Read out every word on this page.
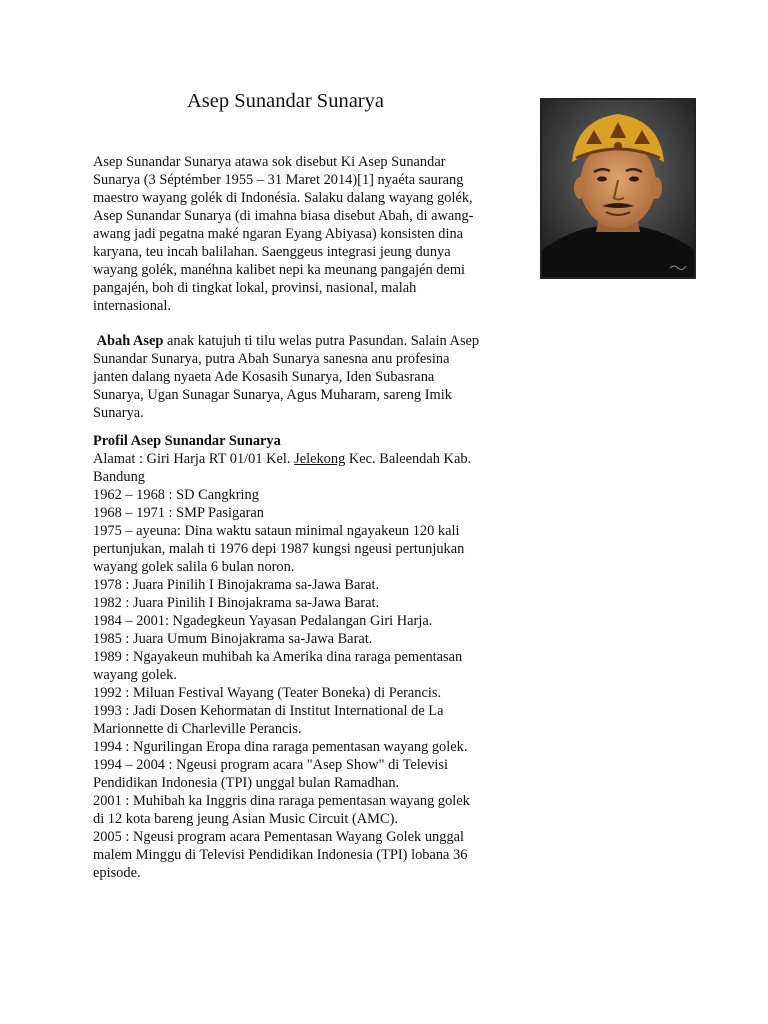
Asep Sunandar Sunarya
Asep Sunandar Sunarya atawa sok disebut Ki Asep Sunandar
Sunarya (3 Séptémber 1955 – 31 Maret 2014)[1] nyaéta saurang
maestro wayang golék di Indonésia. Salaku dalang wayang golék,
Asep Sunandar Sunarya (di imahna biasa disebut Abah, di awang-
awang jadi pegatna maké ngaran Eyang Abiyasa) konsisten dina
karyana, teu incah balilahan. Saenggeus integrasi jeung dunya
wayang golék, manéhna kalibet nepi ka meunang pangajén demi
pangajén, boh di tingkat lokal, provinsi, nasional, malah
internasional.
Abah Asep anak katujuh ti tilu welas putra Pasundan. Salain Asep
Sunandar Sunarya, putra Abah Sunarya sanesna anu profesina
janten dalang nyaeta Ade Kosasih Sunarya, Iden Subasrana
Sunarya, Ugan Sunagar Sunarya, Agus Muharam, sareng Imik
Sunarya.
Profil Asep Sunandar Sunarya
Alamat : Giri Harja RT 01/01 Kel. Jelekong Kec. Baleendah Kab.
Bandung
1962 – 1968 : SD Cangkring
1968 – 1971 : SMP Pasigaran
1975 – ayeuna: Dina waktu sataun minimal ngayakeun 120 kali
pertunjukan, malah ti 1976 depi 1987 kungsi ngeusi pertunjukan
wayang golek salila 6 bulan noron.
1978 : Juara Pinilih I Binojakrama sa-Jawa Barat.
1982 : Juara Pinilih I Binojakrama sa-Jawa Barat.
1984 – 2001: Ngadegkeun Yayasan Pedalangan Giri Harja.
1985 : Juara Umum Binojakrama sa-Jawa Barat.
1989 : Ngayakeun muhibah ka Amerika dina raraga pementasan
wayang golek.
1992 : Miluan Festival Wayang (Teater Boneka) di Perancis.
1993 : Jadi Dosen Kehormatan di Institut International de La
Marionnette di Charleville Perancis.
1994 : Ngurilingan Eropa dina raraga pementasan wayang golek.
1994 – 2004 : Ngeusi program acara "Asep Show" di Televisi
Pendidikan Indonesia (TPI) unggal bulan Ramadhan.
2001 : Muhibah ka Inggris dina raraga pementasan wayang golek
di 12 kota bareng jeung Asian Music Circuit (AMC).
2005 : Ngeusi program acara Pementasan Wayang Golek unggal
malem Minggu di Televisi Pendidikan Indonesia (TPI) lobana 36
episode.
